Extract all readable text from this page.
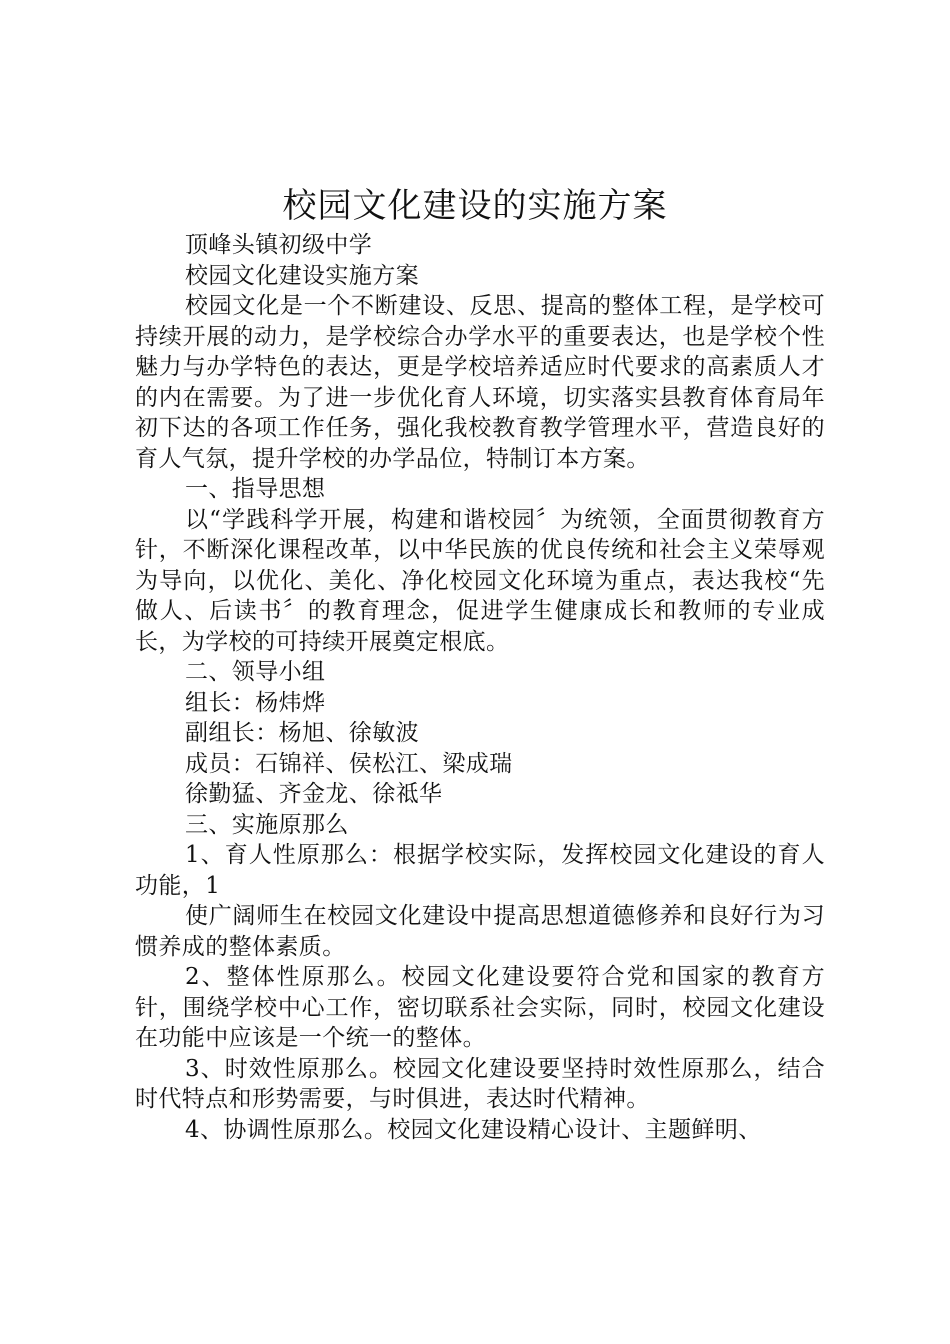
校园文化建设的实施方案

顶峰头镇初级中学

校园文化建设实施方案

校园文化是一个不断建设、反思、提高的整体工程，是学校可持续开展的动力，是学校综合办学水平的重要表达，也是学校个性魅力与办学特色的表达，更是学校培养适应时代要求的高素质人才的内在需要。为了进一步优化育人环境，切实落实县教育体育局年初下达的各项工作任务，强化我校教育教学管理水平，营造良好的育人气氛，提升学校的办学品位，特制订本方案。

一、指导思想

以“学践科学开展，构建和谐校园〞为统领，全面贯彻教育方针，不断深化课程改革，以中华民族的优良传统和社会主义荣辱观为导向，以优化、美化、净化校园文化环境为重点，表达我校“先做人、后读书〞的教育理念，促进学生健康成长和教师的专业成长，为学校的可持续开展奠定根底。

二、领导小组

组长：杨炜烨

副组长：杨旭、徐敏波

成员：石锦祥、侯松江、梁成瑞

徐勤猛、齐金龙、徐祗华

三、实施原那么

1、育人性原那么：根据学校实际，发挥校园文化建设的育人功能，1

使广阔师生在校园文化建设中提高思想道德修养和良好行为习惯养成的整体素质。

2、整体性原那么。校园文化建设要符合党和国家的教育方针，围绕学校中心工作，密切联系社会实际，同时，校园文化建设在功能中应该是一个统一的整体。

3、时效性原那么。校园文化建设要坚持时效性原那么，结合时代特点和形势需要，与时俱进，表达时代精神。

4、协调性原那么。校园文化建设精心设计、主题鲜明、
